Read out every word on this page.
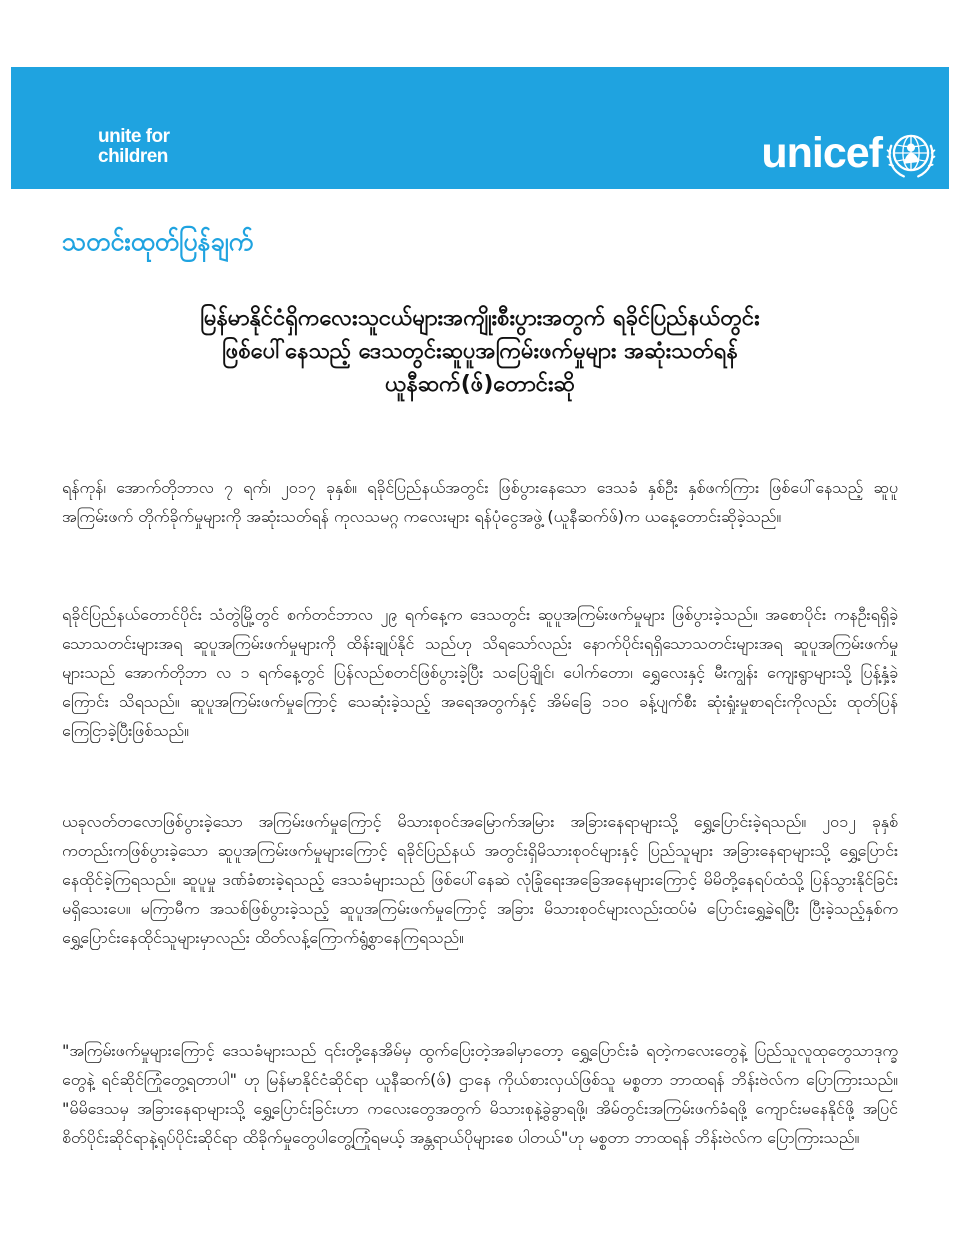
unite for
children	unicef
သတင်းထုတ်ပြန်ချက်
မြန်မာနိုင်ငံရှိကလေးသူငယ်များအကျိုးစီးပွားအတွက် ရခိုင်ပြည်နယ်တွင်း
ဖြစ်ပေါ်နေသည့် ဒေသတွင်းဆူပူအကြမ်းဖက်မှုများ အဆုံးသတ်ရန်
ယူနီဆက်(ဖ်)တောင်းဆို

ရန်ကုန်၊ အောက်တိုဘာလ ၇ ရက်၊ ၂၀၁၇ ခုနှစ်။ ရခိုင်ပြည်နယ်အတွင်း ဖြစ်ပွားနေသော ဒေသခံ နှစ်ဦး နှစ်ဖက်ကြား ဖြစ်ပေါ်နေသည့် ဆူပူအကြမ်းဖက် တိုက်ခိုက်မှုများကို အဆုံးသတ်ရန် ကုလသမဂ္ဂ ကလေးများ ရန်ပုံငွေအဖွဲ့ (ယူနီဆက်ဖ်)က ယနေ့တောင်းဆိုခဲ့သည်။

ရခိုင်ပြည်နယ်တောင်ပိုင်း သံတွဲမြို့တွင် စက်တင်ဘာလ ၂၉ ရက်နေ့က ဒေသတွင်း ဆူပူအကြမ်းဖက်မှုများ ဖြစ်ပွားခဲ့သည်။ အစောပိုင်း ကနဦးရရှိခဲ့ သောသတင်းများအရ ဆူပူအကြမ်းဖက်မှုများကို ထိန်းချုပ်နိုင် သည်ဟု သိရသော်လည်း နောက်ပိုင်းရရှိသောသတင်းများအရ ဆူပူအကြမ်းဖက်မှုများသည် အောက်တိုဘာ လ ၁ ရက်နေ့တွင် ပြန်လည်စတင်ဖြစ်ပွားခဲ့ပြီး သပြေချိုင်၊ ပေါက်တော၊ ရွှေလေးနှင့် မီးကျွန်း ကျေးရွာများသို့ ပြန့်နှံ့ခဲ့ကြောင်း သိရသည်။ ဆူပူအကြမ်းဖက်မှုကြောင့် သေဆုံးခဲ့သည့် အရေအတွက်နှင့် အိမ်ခြေ ၁၁၀ ခန့်ပျက်စီး ဆုံးရှုံးမှုစာရင်းကိုလည်း ထုတ်ပြန် ကြေငြာခဲ့ပြီးဖြစ်သည်။

ယခုလတ်တလောဖြစ်ပွားခဲ့သော အကြမ်းဖက်မှုကြောင့် မိသားစုဝင်အမြောက်အမြား အခြားနေရာများသို့ ရွှေ့ပြောင်းခဲ့ရသည်။ ၂၀၁၂ ခုနှစ်ကတည်းကဖြစ်ပွားခဲ့သော ဆူပူအကြမ်းဖက်မှုများကြောင့် ရခိုင်ပြည်နယ် အတွင်းရှိမိသားစုဝင်များနှင့် ပြည်သူများ အခြားနေရာများသို့ ရွှေ့ပြောင်းနေထိုင်ခဲ့ကြရသည်။ ဆူပူမှု ဒဏ်ခံစားခဲ့ရသည့် ဒေသခံများသည် ဖြစ်ပေါ်နေဆဲ လုံခြုံရေးအခြေအနေများကြောင့် မိမိတို့နေရပ်ထံသို့ ပြန်သွားနိုင်ခြင်း မရှိသေးပေ။ မကြာမီက အသစ်ဖြစ်ပွားခဲ့သည့် ဆူပူအကြမ်းဖက်မှုကြောင့် အခြား မိသားစုဝင်များလည်းထပ်မံ ပြောင်းရွှေ့ခဲ့ရပြီး ပြီးခဲ့သည့်နှစ်က ရွှေ့ပြောင်းနေထိုင်သူများမှာလည်း ထိတ်လန့်ကြောက်ရွံ့စွာနေကြရသည်။

"အကြမ်းဖက်မှုများကြောင့် ဒေသခံများသည် ၎င်းတို့နေအိမ်မှ ထွက်ပြေးတဲ့အခါမှာတော့ ရွှေ့ပြောင်းခံ ရတဲ့ကလေးတွေနဲ့ ပြည်သူလူထုတွေသာဒုက္ခတွေနဲ့ ရင်ဆိုင်ကြုံတွေ့ရတာပါ" ဟု မြန်မာနိုင်ငံဆိုင်ရာ ယူနီဆက်(ဖ်) ဌာနေ ကိုယ်စားလှယ်ဖြစ်သူ မစ္စတာ ဘာထရန် ဘိန်းဗဲလ်က ပြောကြားသည်။ "မိမိဒေသမှ အခြားနေရာများသို့ ရွှေ့ပြောင်းခြင်းဟာ ကလေးတွေအတွက် မိသားစုနဲ့ခွဲခွာရဖို့၊ အိမ်တွင်းအကြမ်းဖက်ခံရဖို့ ကျောင်းမနေနိုင်ဖို့ အပြင် စိတ်ပိုင်းဆိုင်ရာနဲ့ရုပ်ပိုင်းဆိုင်ရာ ထိခိုက်မှုတွေပါတွေ့ကြုံရမယ့် အန္တရာယ်ပိုများစေ ပါတယ်"ဟု မစ္စတာ ဘာထရန် ဘိန်းဗဲလ်က ပြောကြားသည်။
